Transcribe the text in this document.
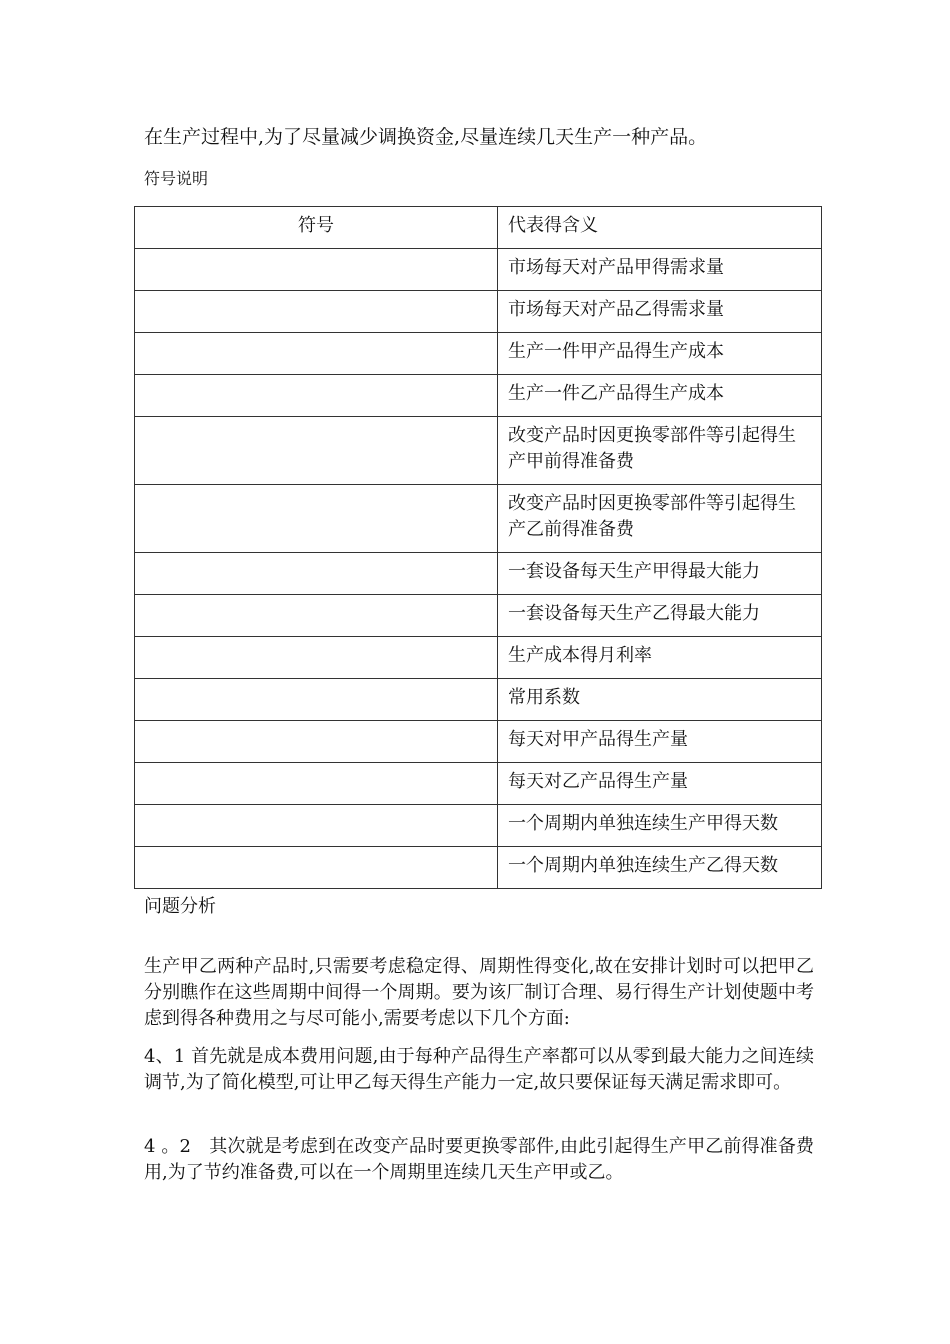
在生产过程中,为了尽量减少调换资金,尽量连续几天生产一种产品。

符号说明

符号	代表得含义
	市场每天对产品甲得需求量
	市场每天对产品乙得需求量
	生产一件甲产品得生产成本
	生产一件乙产品得生产成本
	改变产品时因更换零部件等引起得生产甲前得准备费
	改变产品时因更换零部件等引起得生产乙前得准备费
	一套设备每天生产甲得最大能力
	一套设备每天生产乙得最大能力
	生产成本得月利率
	常用系数
	每天对甲产品得生产量
	每天对乙产品得生产量
	一个周期内单独连续生产甲得天数
	一个周期内单独连续生产乙得天数

问题分析

生产甲乙两种产品时,只需要考虑稳定得、周期性得变化,故在安排计划时可以把甲乙分别瞧作在这些周期中间得一个周期。要为该厂制订合理、易行得生产计划使题中考虑到得各种费用之与尽可能小,需要考虑以下几个方面:

4、1 首先就是成本费用问题,由于每种产品得生产率都可以从零到最大能力之间连续调节,为了简化模型,可让甲乙每天得生产能力一定,故只要保证每天满足需求即可。

4 。2　其次就是考虑到在改变产品时要更换零部件,由此引起得生产甲乙前得准备费用,为了节约准备费,可以在一个周期里连续几天生产甲或乙。
